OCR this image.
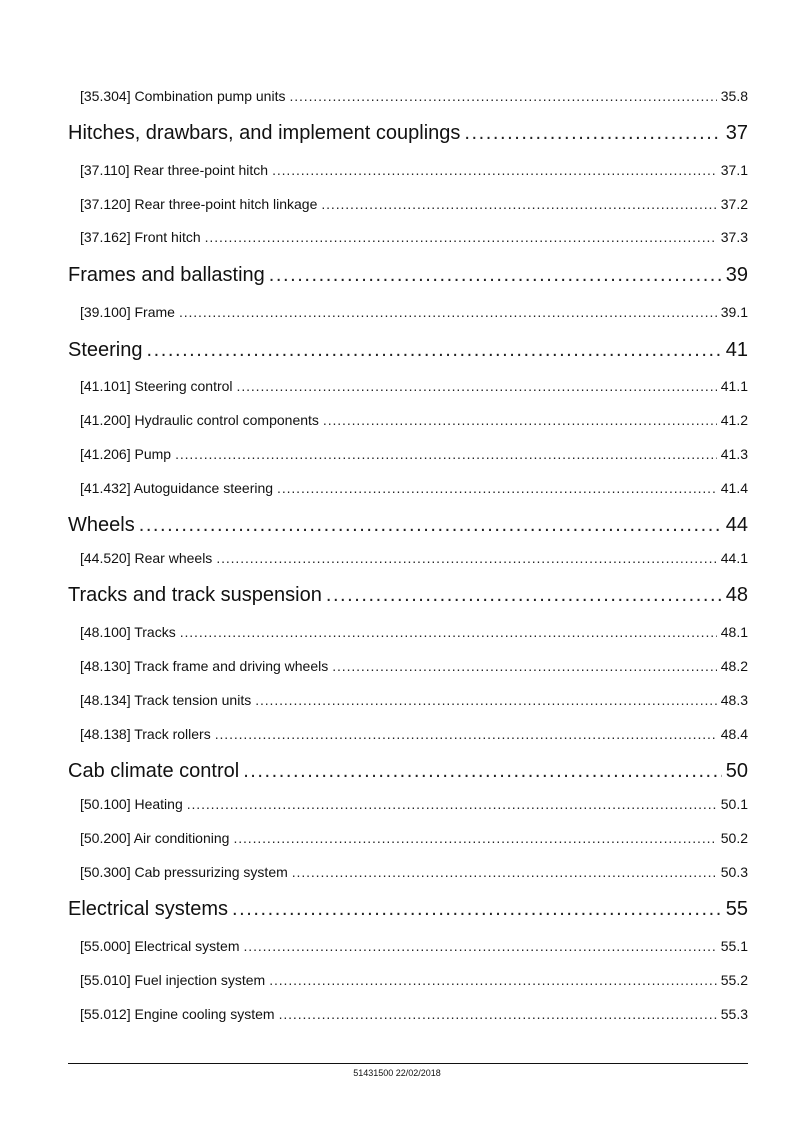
[35.304] Combination pump units . . .	35.8
Hitches, drawbars, and implement couplings . . .	37
[37.110] Rear three-point hitch . . .	37.1
[37.120] Rear three-point hitch linkage . . .	37.2
[37.162] Front hitch . . .	37.3
Frames and ballasting . . .	39
[39.100] Frame . . .	39.1
Steering . . .	41
[41.101] Steering control . . .	41.1
[41.200] Hydraulic control components . . .	41.2
[41.206] Pump . . .	41.3
[41.432] Autoguidance steering . . .	41.4
Wheels . . .	44
[44.520] Rear wheels . . .	44.1
Tracks and track suspension . . .	48
[48.100] Tracks . . .	48.1
[48.130] Track frame and driving wheels . . .	48.2
[48.134] Track tension units . . .	48.3
[48.138] Track rollers . . .	48.4
Cab climate control . . .	50
[50.100] Heating . . .	50.1
[50.200] Air conditioning . . .	50.2
[50.300] Cab pressurizing system . . .	50.3
Electrical systems . . .	55
[55.000] Electrical system . . .	55.1
[55.010] Fuel injection system . . .	55.2
[55.012] Engine cooling system . . .	55.3
51431500 22/02/2018
